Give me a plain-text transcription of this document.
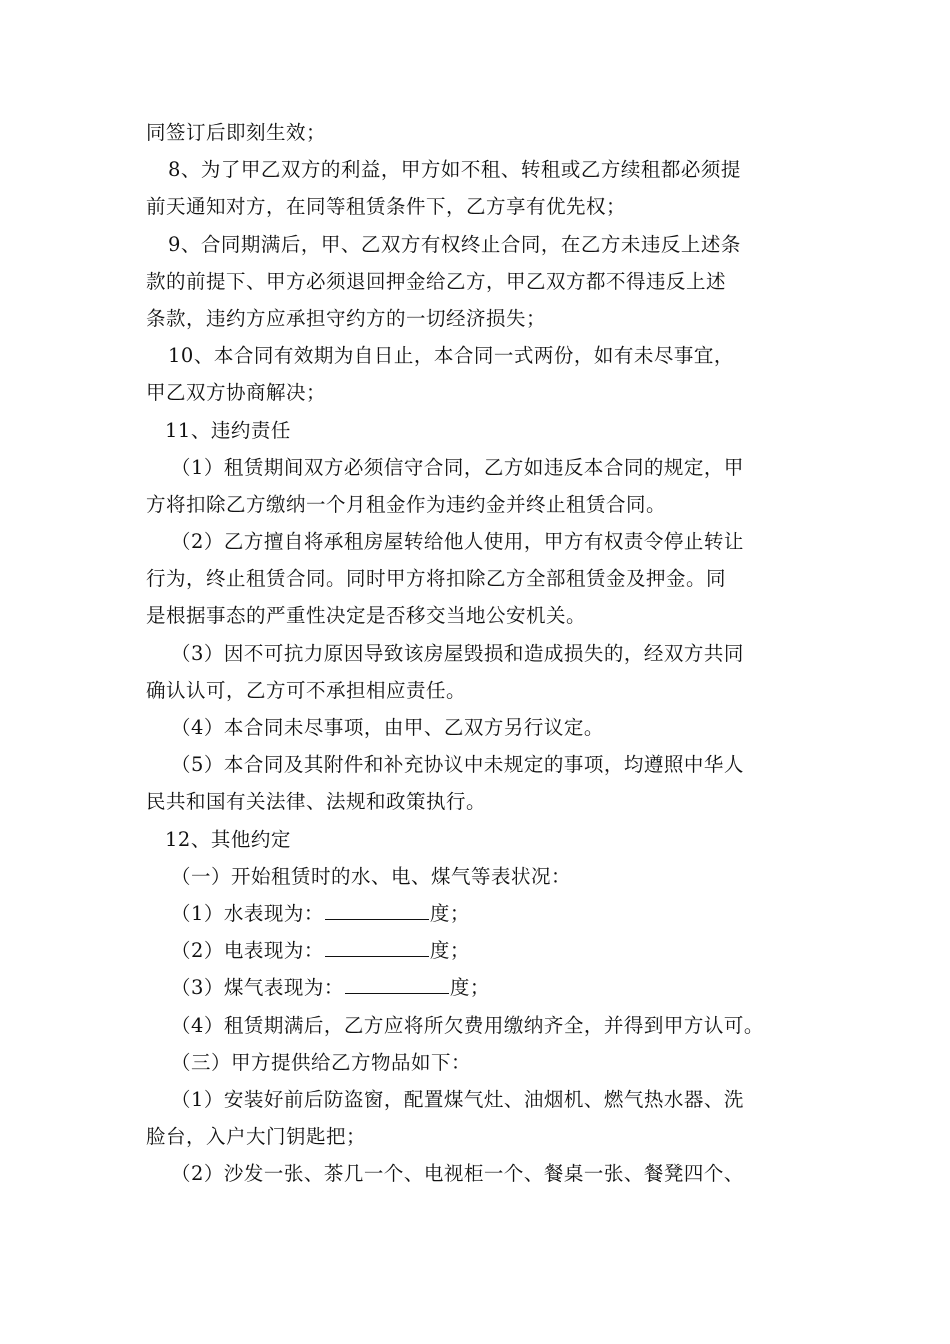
同签订后即刻生效；
8、为了甲乙双方的利益，甲方如不租、转租或乙方续租都必须提
前天通知对方，在同等租赁条件下，乙方享有优先权；
9、合同期满后，甲、乙双方有权终止合同，在乙方未违反上述条
款的前提下、甲方必须退回押金给乙方，甲乙双方都不得违反上述
条款，违约方应承担守约方的一切经济损失；
10、本合同有效期为自日止，本合同一式两份，如有未尽事宜，
甲乙双方协商解决；
11、违约责任
（1）租赁期间双方必须信守合同，乙方如违反本合同的规定，甲
方将扣除乙方缴纳一个月租金作为违约金并终止租赁合同。
（2）乙方擅自将承租房屋转给他人使用，甲方有权责令停止转让
行为，终止租赁合同。同时甲方将扣除乙方全部租赁金及押金。同
是根据事态的严重性决定是否移交当地公安机关。
（3）因不可抗力原因导致该房屋毁损和造成损失的，经双方共同
确认认可，乙方可不承担相应责任。
（4）本合同未尽事项，由甲、乙双方另行议定。
（5）本合同及其附件和补充协议中未规定的事项，均遵照中华人
民共和国有关法律、法规和政策执行。
12、其他约定
（一）开始租赁时的水、电、煤气等表状况：
（1）水表现为：	度；
（2）电表现为：	度；
（3）煤气表现为：	度；
（4）租赁期满后，乙方应将所欠费用缴纳齐全，并得到甲方认可。
（三）甲方提供给乙方物品如下：
（1）安装好前后防盗窗，配置煤气灶、油烟机、燃气热水器、洗
脸台，入户大门钥匙把；
（2）沙发一张、茶几一个、电视柜一个、餐桌一张、餐凳四个、
